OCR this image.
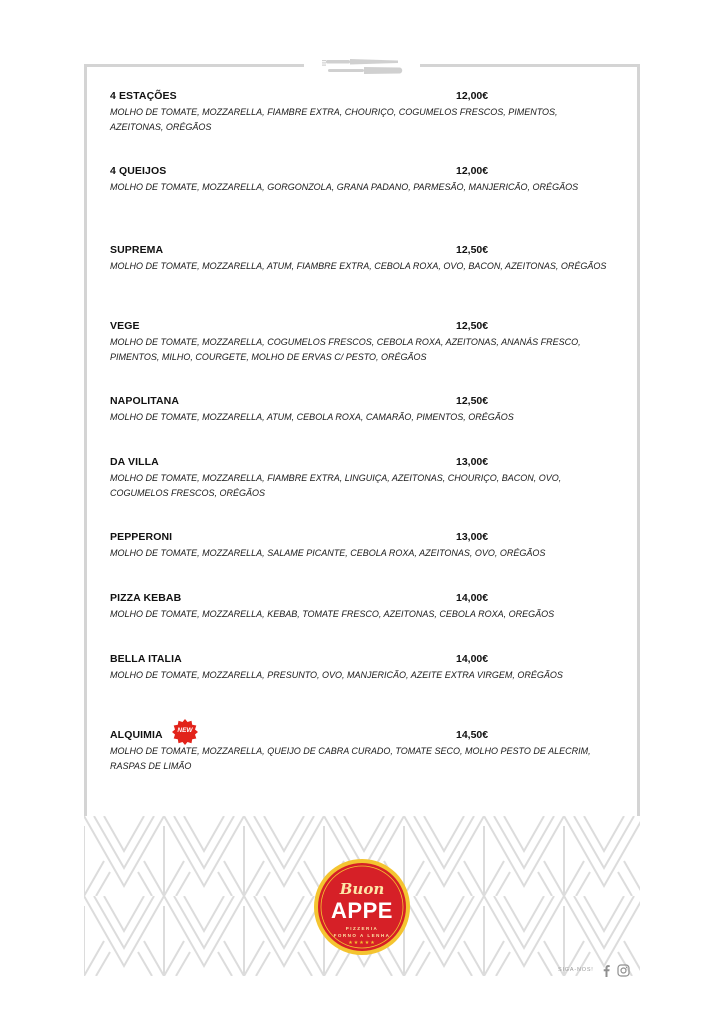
4 ESTAÇÕES	12,00€
MOLHO DE TOMATE, MOZZARELLA, FIAMBRE EXTRA, CHOURIÇO, COGUMELOS FRESCOS, PIMENTOS, AZEITONAS, ORÉGÃOS
4 QUEIJOS	12,00€
MOLHO DE TOMATE, MOZZARELLA, GORGONZOLA, GRANA PADANO, PARMESÃO, MANJERICÃO, ORÉGÃOS
SUPREMA	12,50€
MOLHO DE TOMATE, MOZZARELLA, ATUM, FIAMBRE EXTRA, CEBOLA ROXA, OVO, BACON, AZEITONAS, ORÉGÃOS
VEGE	12,50€
MOLHO DE TOMATE, MOZZARELLA, COGUMELOS FRESCOS, CEBOLA ROXA, AZEITONAS, ANANÁS FRESCO, PIMENTOS, MILHO, COURGETE, MOLHO DE ERVAS C/ PESTO, ORÉGÃOS
NAPOLITANA	12,50€
MOLHO DE TOMATE, MOZZARELLA, ATUM, CEBOLA ROXA, CAMARÃO, PIMENTOS, ORÉGÃOS
DA VILLA	13,00€
MOLHO DE TOMATE, MOZZARELLA, FIAMBRE EXTRA, LINGUIÇA, AZEITONAS, CHOURIÇO, BACON, OVO, COGUMELOS FRESCOS, ORÉGÃOS
PEPPERONI	13,00€
MOLHO DE TOMATE, MOZZARELLA, SALAME PICANTE, CEBOLA ROXA, AZEITONAS, OVO, ORÉGÃOS
PIZZA KEBAB	14,00€
MOLHO DE TOMATE, MOZZARELLA, KEBAB, TOMATE FRESCO, AZEITONAS, CEBOLA ROXA, OREGÃOS
BELLA ITALIA	14,00€
MOLHO DE TOMATE, MOZZARELLA, PRESUNTO, OVO, MANJERICÃO, AZEITE EXTRA VIRGEM, ORÉGÃOS
ALQUIMIA	NEW	14,50€
MOLHO DE TOMATE, MOZZARELLA, QUEIJO DE CABRA CURADO, TOMATE SECO, MOLHO PESTO DE ALECRIM, RASPAS DE LIMÃO
Buon
APPE
PIZZERIA
FORNO A LENHA
★★★★★
SIGA-NOS!
